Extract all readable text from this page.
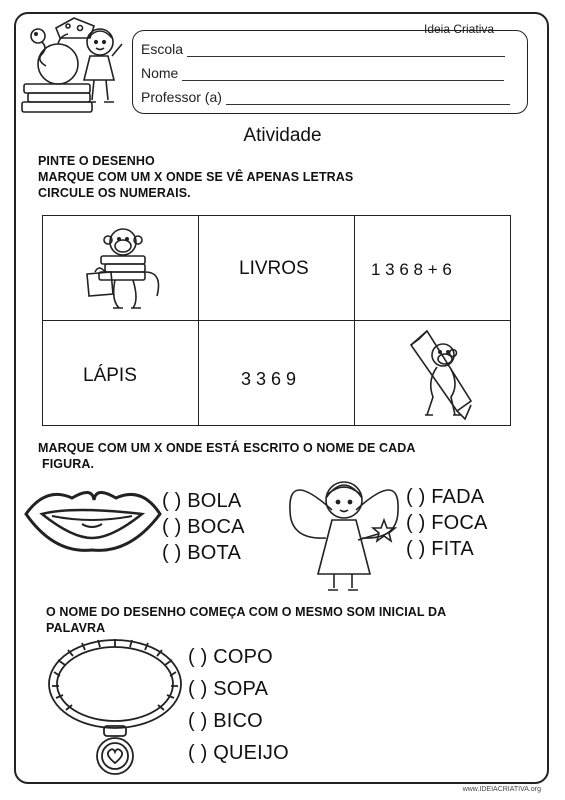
Ideia Criativa
Escola
Nome
Professor (a)
Atividade
PINTE O DESENHO
MARQUE COM UM X ONDE SE VÊ APENAS LETRAS
CIRCULE OS NUMERAIS.

LIVROS	1 3 6 8 + 6

LÁPIS	3 3 6 9

MARQUE COM UM X ONDE ESTÁ ESCRITO O NOME DE CADA
FIGURA.
( ) BOLA
( ) BOCA
( ) BOTA
( ) FADA
( ) FOCA
( ) FITA
O NOME DO DESENHO COMEÇA COM O MESMO SOM INICIAL DA
PALAVRA
( ) COPO
( ) SOPA
( ) BICO
( ) QUEIJO
www.IDEIACRIATIVA.org
